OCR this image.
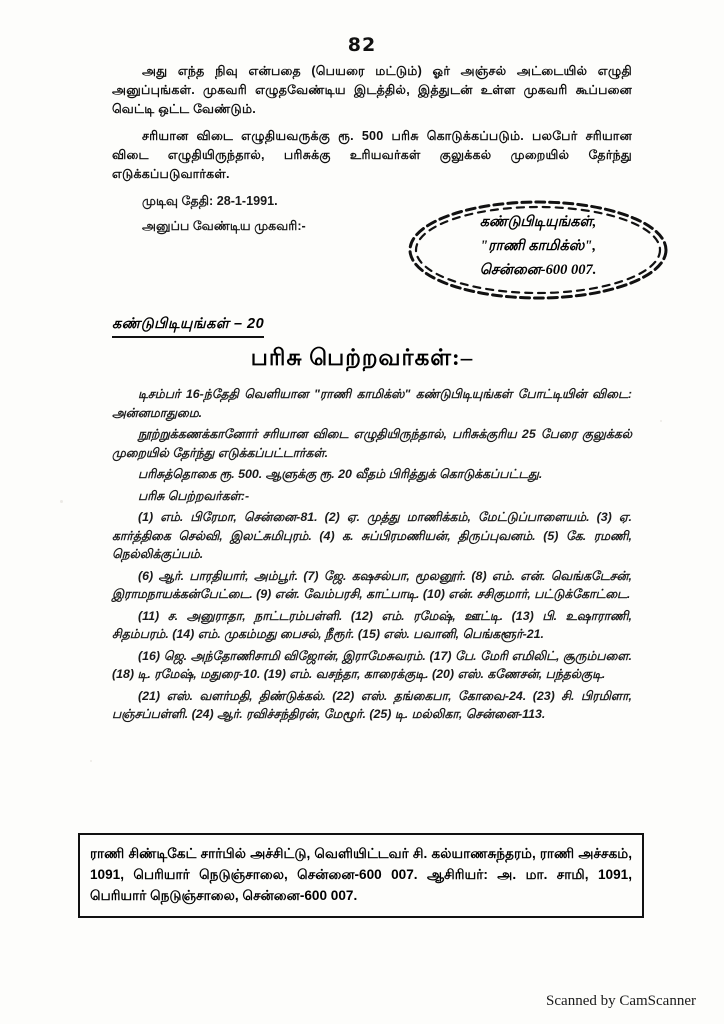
82

அது எந்த நிவு என்பதை (பெயரை மட்டும்) ஓர் அஞ்சல் அட்டையில் எழுதி அனுப்புங்கள். முகவரி எழுதவேண்டிய இடத்தில், இத்துடன் உள்ள முகவரி கூப்பனை வெட்டி ஒட்ட வேண்டும்.

சரியான விடை எழுதியவருக்கு ரூ. 500 பரிசு கொடுக்கப்படும். பலபேர் சரியான விடை எழுதியிருந்தால், பரிசுக்கு உரியவர்கள் குலுக்கல் முறையில் தேர்ந்து எடுக்கப்படுவார்கள்.

முடிவு தேதி: 28-1-1991.

அனுப்ப வேண்டிய முகவரி:-	கண்டுபிடியுங்கள்,
"ராணி காமிக்ஸ்",
சென்னை-600 007.
கண்டுபிடியுங்கள் – 20
பரிசு பெற்றவர்கள்:–

டிசம்பர் 16-ந்தேதி வெளியான "ராணி காமிக்ஸ்" கண்டுபிடியுங்கள் போட்டியின் விடை: அன்னமாதுமை.

நூற்றுக்கணக்கானோர் சரியான விடை எழுதியிருந்தால், பரிசுக்குரிய 25 பேரை குலுக்கல் முறையில் தேர்ந்து எடுக்கப்பட்டார்கள்.

பரிசுத்தொகை ரூ. 500. ஆளுக்கு ரூ. 20 வீதம் பிரித்துக் கொடுக்கப்பட்டது.

பரிசு பெற்றவர்கள்:-

(1) எம். பிரேமா, சென்னை-81. (2) ஏ. முத்து மாணிக்கம், மேட்டுப்பாளையம். (3) ஏ. கார்த்திகை செல்வி, இலட்சுமிபுரம். (4) க. சுப்பிரமணியன், திருப்புவனம். (5) கே. ரமணி, நெல்லிக்குப்பம்.

(6) ஆர். பாரதியார், அம்பூர். (7) ஜே. கஷசல்பா, மூலனூர். (8) எம். என். வெங்கடேசன், இராமநாயக்கன்பேட்டை. (9) என். வேம்பரசி, காட்பாடி. (10) என். சசிகுமார், பட்டுக்கோட்டை.

(11) ச. அனுராதா, நாட்டரம்பள்ளி. (12) எம். ரமேஷ், ஊட்டி. (13) பி. உஷாராணி, சிதம்பரம். (14) எம். முகம்மது பைசல், நீரூர். (15) எஸ். பவானி, பெங்களூர்-21.

(16) ஜெ. அந்தோணிசாமி விஜோன், இராமேசுவரம். (17) பே. மேரி எமிலிட், சூரும்பளை. (18) டி. ரமேஷ், மதுரை-10. (19) எம். வசந்தா, காரைக்குடி. (20) எஸ். கணேசன், பந்தல்குடி.

(21) எஸ். வளர்மதி, திண்டுக்கல். (22) எஸ். தங்கைபா, கோவை-24. (23) சி. பிரமிளா, பஞ்சப்பள்ளி. (24) ஆர். ரவிச்சந்திரன், மேழூர். (25) டி. மல்லிகா, சென்னை-113.

ராணி சிண்டிகேட் சார்பில் அச்சிட்டு, வெளியிட்டவர் சி. கல்யாணசுந்தரம், ராணி அச்சகம், 1091, பெரியார் நெடுஞ்சாலை, சென்னை-600 007. ஆசிரியர்: அ. மா. சாமி, 1091, பெரியார் நெடுஞ்சாலை, சென்னை-600 007.

Scanned by CamScanner
